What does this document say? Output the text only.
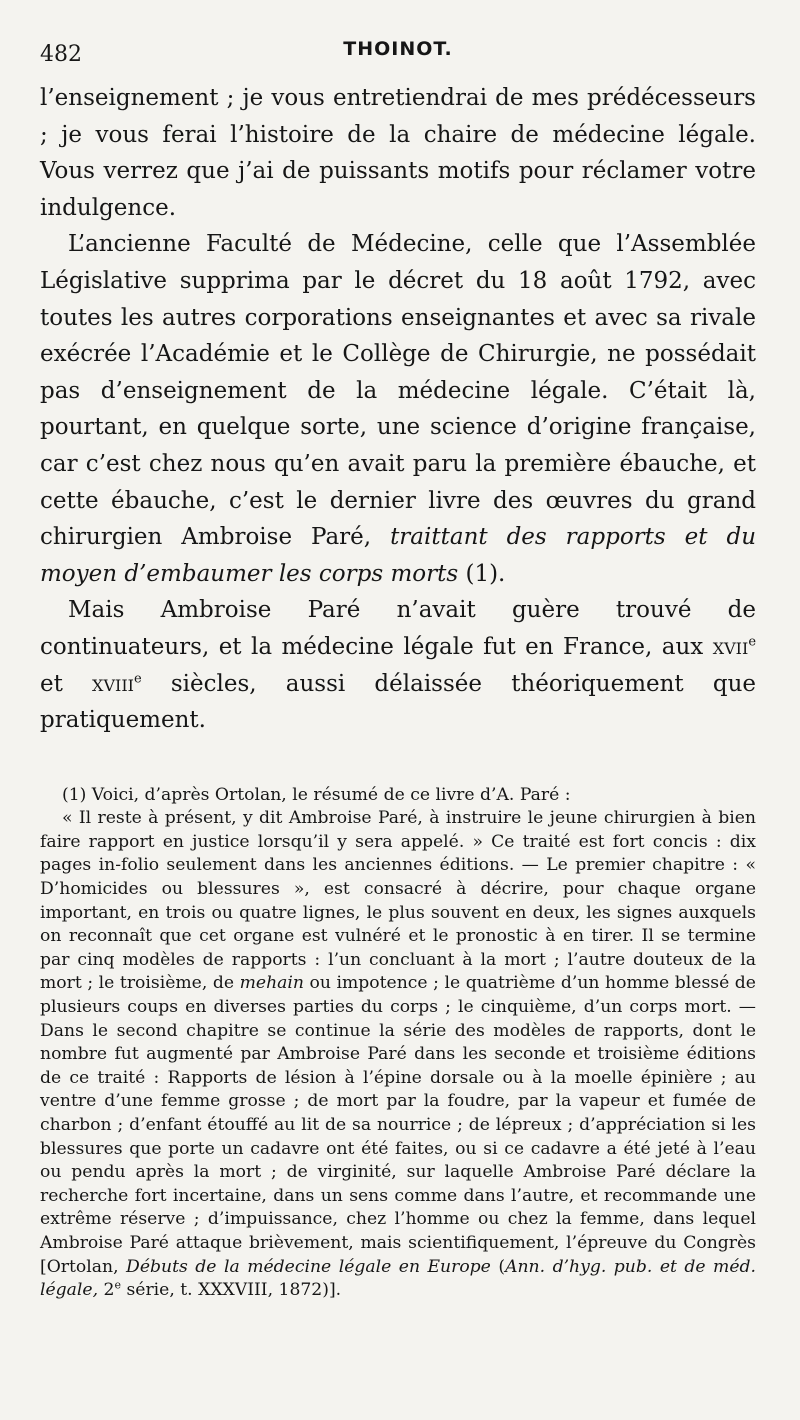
482	THOINOT.

l’enseignement ; je vous entretiendrai de mes prédécesseurs ; je vous ferai l’histoire de la chaire de médecine légale. Vous verrez que j’ai de puissants motifs pour réclamer votre indulgence.

L’ancienne Faculté de Médecine, celle que l’Assemblée Législative supprima par le décret du 18 août 1792, avec toutes les autres corporations enseignantes et avec sa rivale exécrée l’Académie et le Collège de Chirurgie, ne possédait pas d’enseignement de la médecine légale. C’était là, pourtant, en quelque sorte, une science d’origine française, car c’est chez nous qu’en avait paru la première ébauche, et cette ébauche, c’est le dernier livre des œuvres du grand chirurgien Ambroise Paré, traittant des rapports et du moyen d’embaumer les corps morts (1).

Mais Ambroise Paré n’avait guère trouvé de continuateurs, et la médecine légale fut en France, aux xvii$^e$ et xviii$^e$ siècles, aussi délaissée théoriquement que pratiquement.

(1) Voici, d’après Ortolan, le résumé de ce livre d’A. Paré :

« Il reste à présent, y dit Ambroise Paré, à instruire le jeune chirurgien à bien faire rapport en justice lorsqu’il y sera appelé. » Ce traité est fort concis : dix pages in-folio seulement dans les anciennes éditions. — Le premier chapitre : « D’homicides ou blessures », est consacré à décrire, pour chaque organe important, en trois ou quatre lignes, le plus souvent en deux, les signes auxquels on reconnaît que cet organe est vulnéré et le pronostic à en tirer. Il se termine par cinq modèles de rapports : l’un concluant à la mort ; l’autre douteux de la mort ; le troisième, de mehain ou impotence ; le quatrième d’un homme blessé de plusieurs coups en diverses parties du corps ; le cinquième, d’un corps mort. — Dans le second chapitre se continue la série des modèles de rapports, dont le nombre fut augmenté par Ambroise Paré dans les seconde et troisième éditions de ce traité : Rapports de lésion à l’épine dorsale ou à la moelle épinière ; au ventre d’une femme grosse ; de mort par la foudre, par la vapeur et fumée de charbon ; d’enfant étouffé au lit de sa nourrice ; de lépreux ; d’appréciation si les blessures que porte un cadavre ont été faites, ou si ce cadavre a été jeté à l’eau ou pendu après la mort ; de virginité, sur laquelle Ambroise Paré déclare la recherche fort incertaine, dans un sens comme dans l’autre, et recommande une extrême réserve ; d’impuissance, chez l’homme ou chez la femme, dans lequel Ambroise Paré attaque brièvement, mais scientifiquement, l’épreuve du Congrès [Ortolan, Débuts de la médecine légale en Europe (Ann. d’hyg. pub. et de méd. légale, 2e série, t. XXXVIII, 1872)].
